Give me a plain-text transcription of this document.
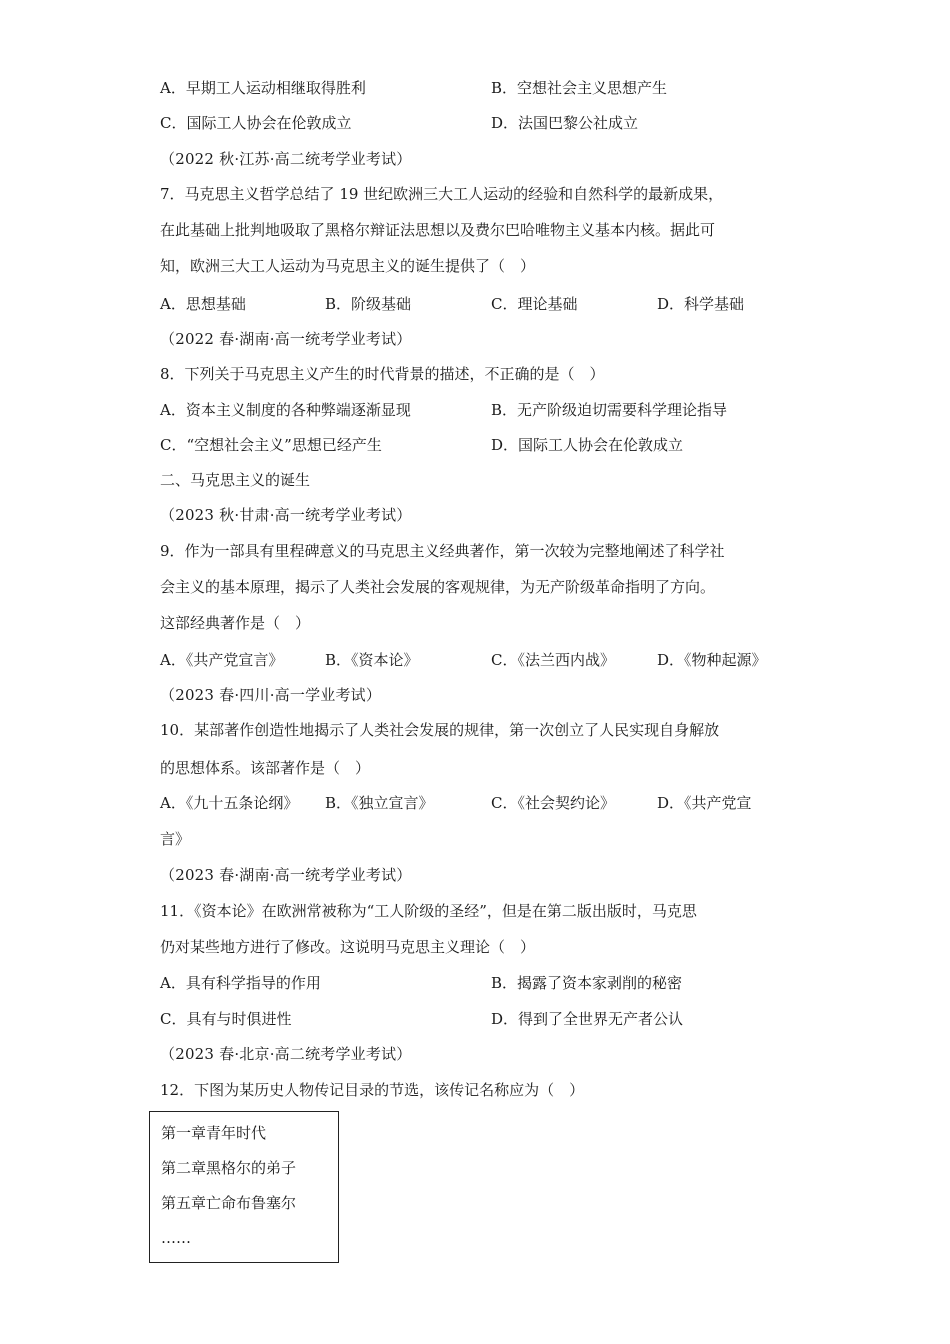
A．早期工人运动相继取得胜利	B．空想社会主义思想产生
C．国际工人协会在伦敦成立	D．法国巴黎公社成立
（2022 秋·江苏·高二统考学业考试）
7．马克思主义哲学总结了 19 世纪欧洲三大工人运动的经验和自然科学的最新成果，
在此基础上批判地吸取了黑格尔辩证法思想以及费尔巴哈唯物主义基本内核。据此可
知，欧洲三大工人运动为马克思主义的诞生提供了（　）
A．思想基础	B．阶级基础	C．理论基础	D．科学基础
（2022 春·湖南·高一统考学业考试）
8．下列关于马克思主义产生的时代背景的描述，不正确的是（　）
A．资本主义制度的各种弊端逐渐显现	B．无产阶级迫切需要科学理论指导
C．“空想社会主义”思想已经产生	D．国际工人协会在伦敦成立
二、马克思主义的诞生
（2023 秋·甘肃·高一统考学业考试）
9．作为一部具有里程碑意义的马克思主义经典著作，第一次较为完整地阐述了科学社
会主义的基本原理，揭示了人类社会发展的客观规律，为无产阶级革命指明了方向。
这部经典著作是（　）
A．《共产党宣言》	B．《资本论》	C．《法兰西内战》	D．《物种起源》
（2023 春·四川·高一学业考试）
10．某部著作创造性地揭示了人类社会发展的规律，第一次创立了人民实现自身解放
的思想体系。该部著作是（　）
A．《九十五条论纲》 B．《独立宣言》	C．《社会契约论》	D．《共产党宣
言》
（2023 春·湖南·高一统考学业考试）
11．《资本论》在欧洲常被称为“工人阶级的圣经”，但是在第二版出版时，马克思
仍对某些地方进行了修改。这说明马克思主义理论（　）
A．具有科学指导的作用	B．揭露了资本家剥削的秘密
C．具有与时俱进性	D．得到了全世界无产者公认
（2023 春·北京·高二统考学业考试）
12．下图为某历史人物传记目录的节选，该传记名称应为（　）
第一章青年时代
第二章黑格尔的弟子
第五章亡命布鲁塞尔
……
